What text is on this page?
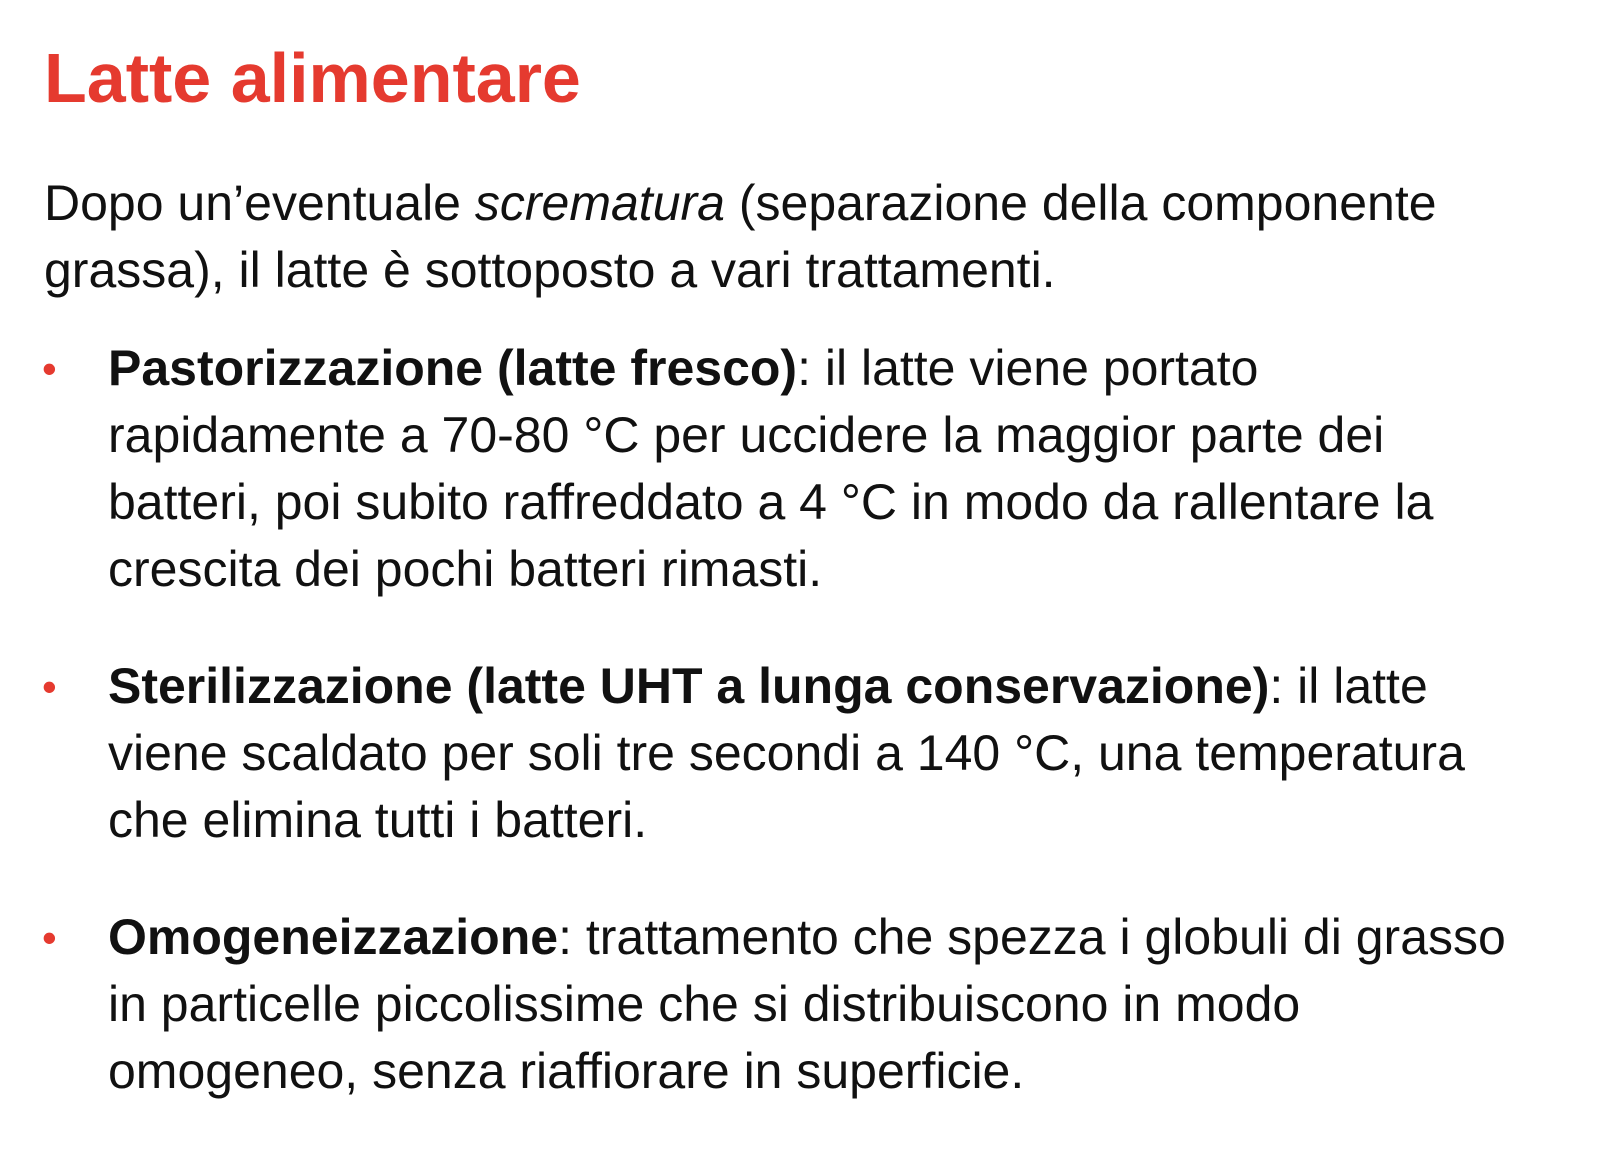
Latte alimentare

Dopo un’eventuale scrematura (separazione della componente grassa), il latte è sottoposto a vari trattamenti.

• Pastorizzazione (latte fresco): il latte viene portato rapidamente a 70-80 °C per uccidere la maggior parte dei batteri, poi subito raffreddato a 4 °C in modo da rallentare la crescita dei pochi batteri rimasti.
• Sterilizzazione (latte UHT a lunga conservazione): il latte viene scaldato per soli tre secondi a 140 °C, una temperatura che elimina tutti i batteri.
• Omogeneizzazione: trattamento che spezza i globuli di grasso in particelle piccolissime che si distribuiscono in modo omogeneo, senza riaffiorare in superficie.
